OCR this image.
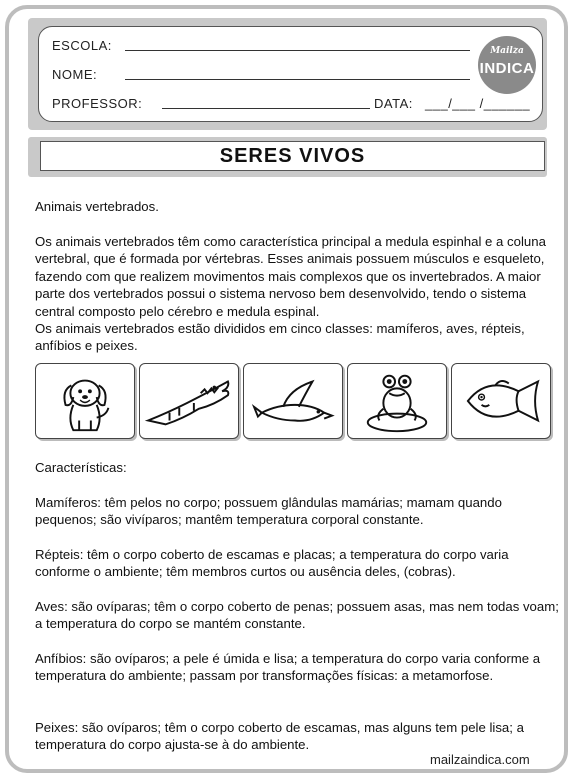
ESCOLA:
NOME:
PROFESSOR:	DATA: ___/___ /______
Mailza
INDICA
SERES VIVOS
Animais vertebrados.
Os animais vertebrados têm como característica principal a medula espinhal e a coluna vertebral, que é formada por vértebras. Esses animais possuem músculos e esqueleto, fazendo com que realizem movimentos mais complexos que os invertebrados. A maior parte dos vertebrados possui o sistema nervoso bem desenvolvido, tendo o sistema central composto pelo cérebro e medula espinal.
Os animais vertebrados estão divididos em cinco classes: mamíferos, aves, répteis, anfíbios e peixes.
Características:
Mamíferos: têm pelos no corpo; possuem glândulas mamárias; mamam quando pequenos; são vivíparos; mantêm temperatura corporal constante.
Répteis: têm o corpo coberto de escamas e placas; a temperatura do corpo varia conforme o ambiente; têm membros curtos ou ausência deles, (cobras).
Aves: são ovíparas; têm o corpo coberto de penas; possuem asas, mas nem todas voam; a temperatura do corpo se mantém constante.
Anfíbios: são ovíparos; a pele é úmida e lisa; a temperatura do corpo varia conforme a temperatura do ambiente; passam por transformações físicas: a metamorfose.
Peixes: são ovíparos; têm o corpo coberto de escamas, mas alguns tem pele lisa; a temperatura do corpo ajusta-se à do ambiente.
mailzaindica.com
